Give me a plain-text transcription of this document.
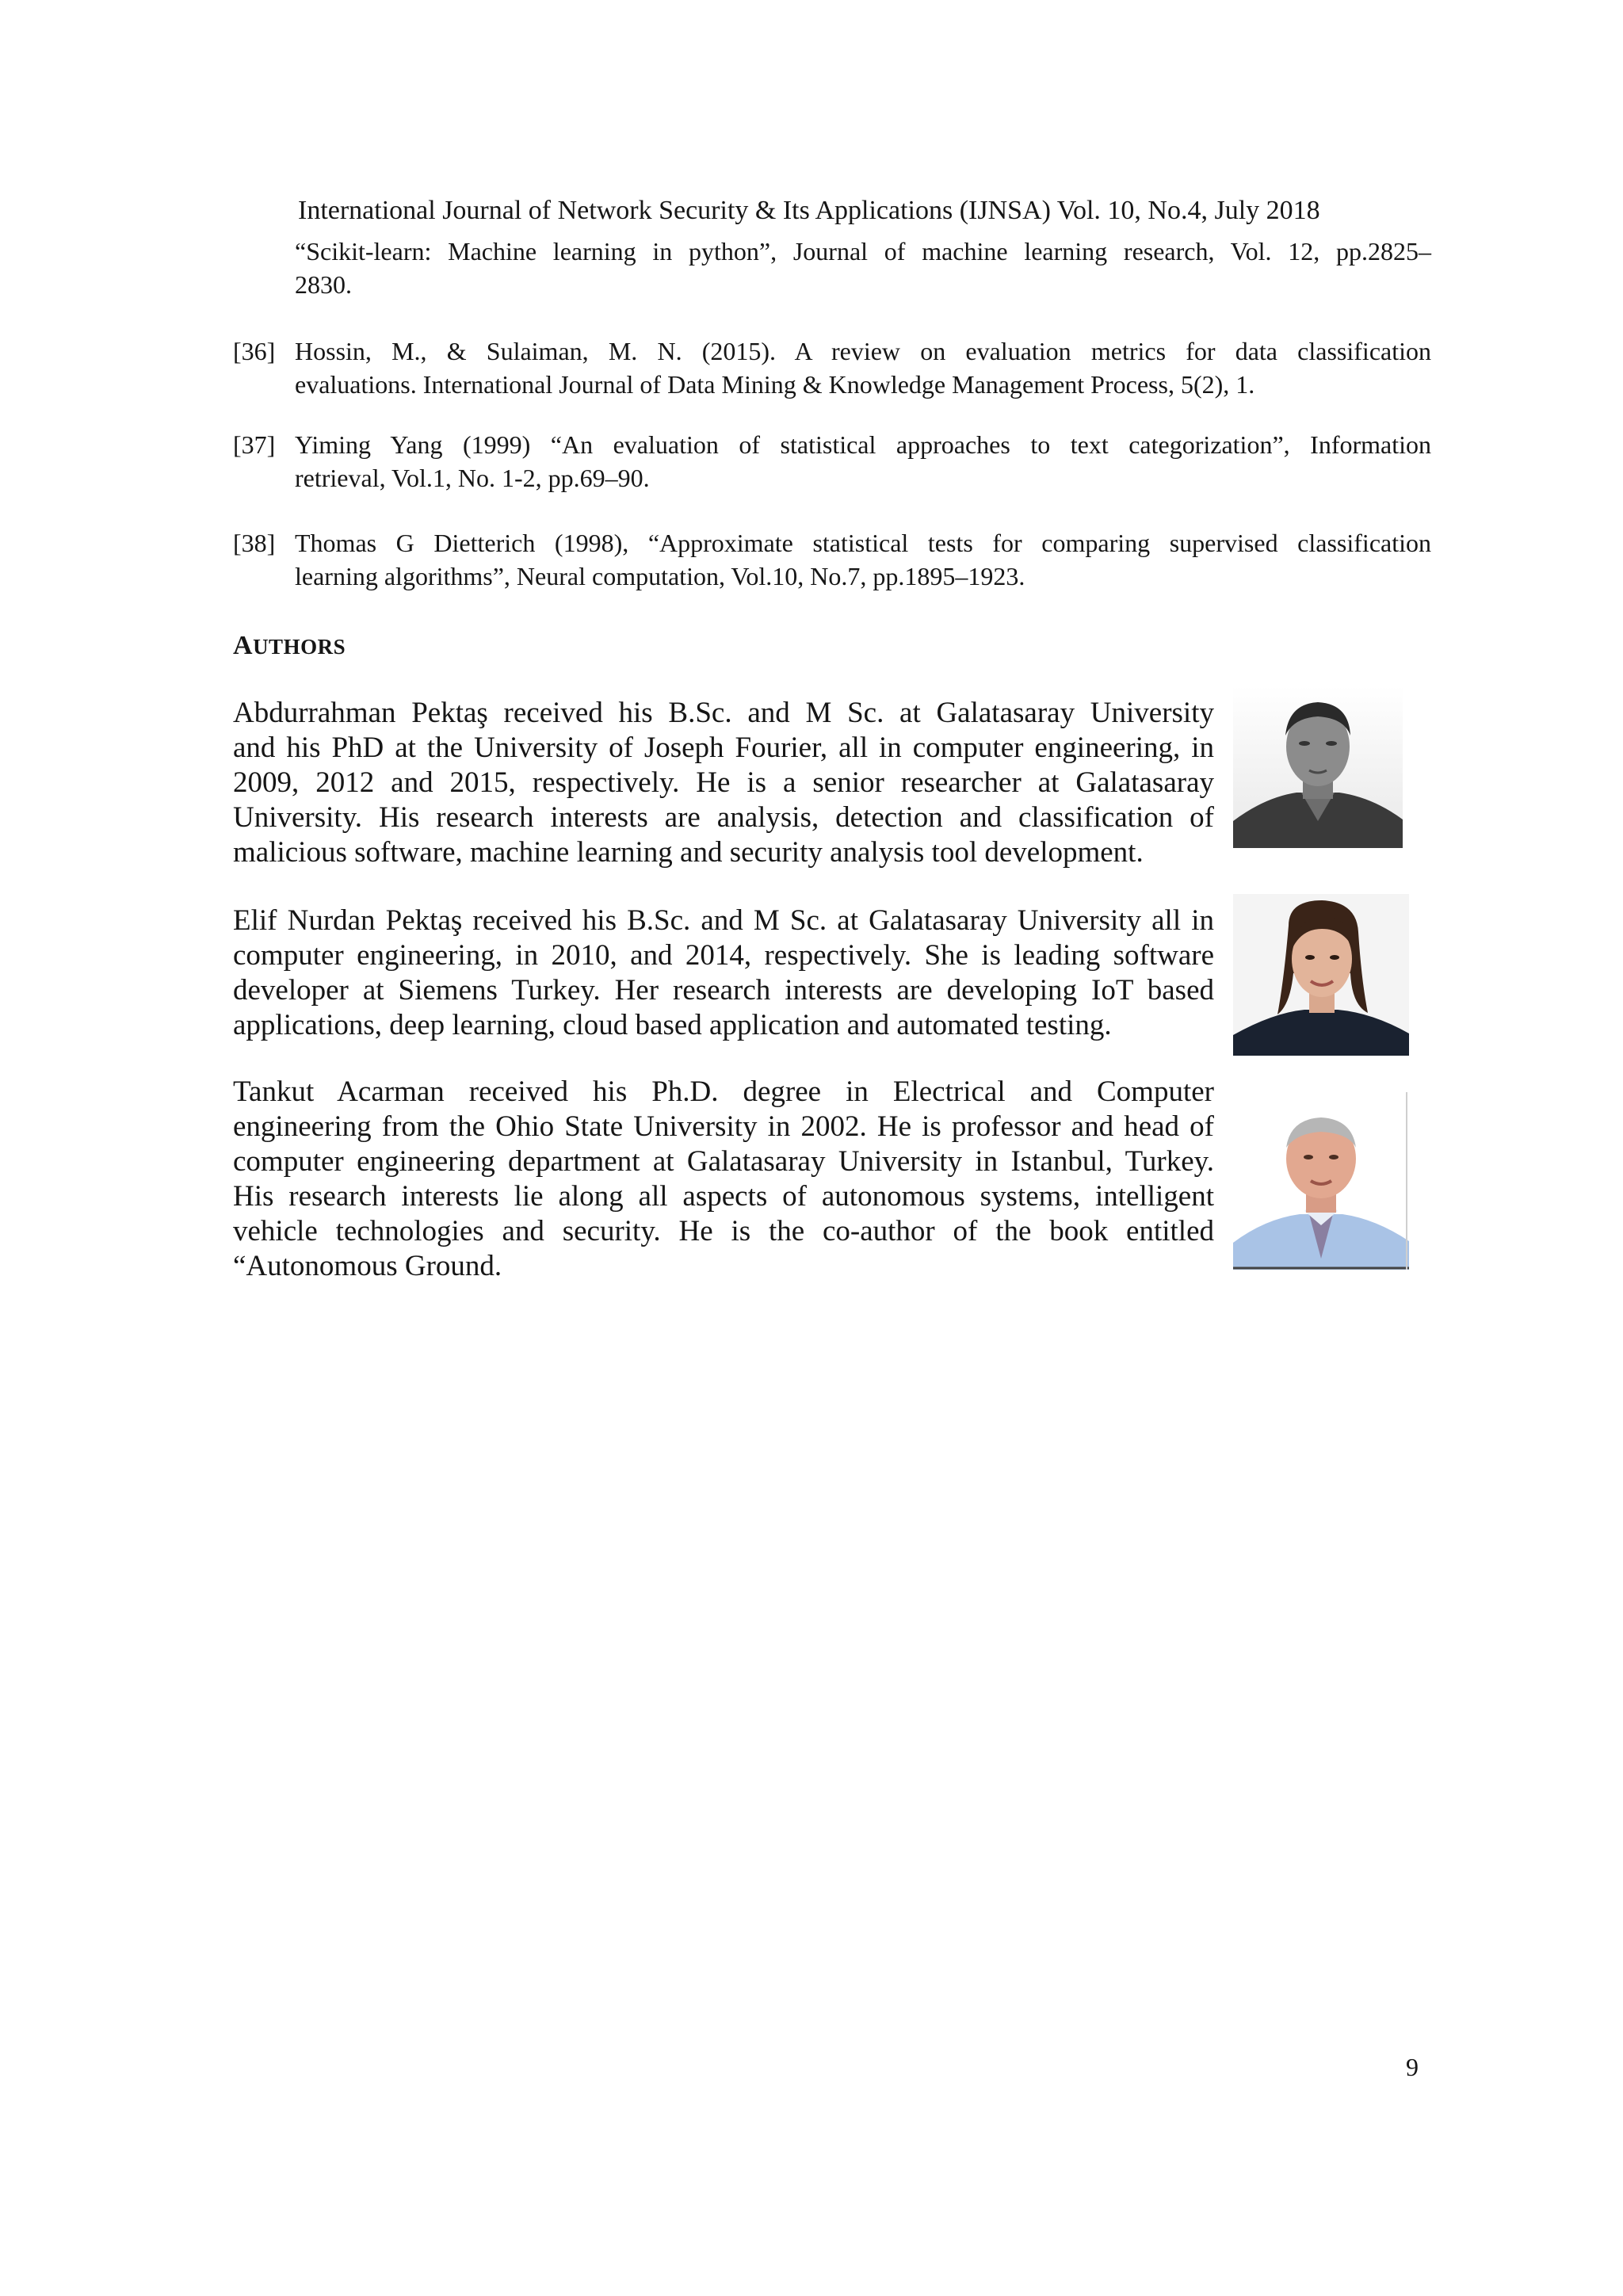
International Journal of Network Security & Its Applications (IJNSA) Vol. 10, No.4, July 2018
“Scikit-learn: Machine learning in python”, Journal of machine learning research, Vol. 12, pp.2825–
2830.
[36] Hossin, M., & Sulaiman, M. N. (2015). A review on evaluation metrics for data classification
evaluations. International Journal of Data Mining & Knowledge Management Process, 5(2), 1.
[37] Yiming Yang (1999) “An evaluation of statistical approaches to text categorization”, Information
retrieval, Vol.1, No. 1-2, pp.69–90.
[38] Thomas G Dietterich (1998), “Approximate statistical tests for comparing supervised classification
learning algorithms”, Neural computation, Vol.10, No.7, pp.1895–1923.
AUTHORS
Abdurrahman Pektaş received his B.Sc. and M Sc. at Galatasaray University
and his PhD at the University of Joseph Fourier, all in computer engineering, in
2009, 2012 and 2015, respectively. He is a senior researcher at Galatasaray
University. His research interests are analysis, detection and classification of
malicious software, machine learning and security analysis tool development.
Elif Nurdan Pektaş received his B.Sc. and M Sc. at Galatasaray University all in
computer engineering, in 2010, and 2014, respectively. She is leading software
developer at Siemens Turkey. Her research interests are developing IoT based
applications, deep learning, cloud based application and automated testing.
Tankut Acarman received his Ph.D. degree in Electrical and Computer
engineering from the Ohio State University in 2002. He is professor and head of
computer engineering department at Galatasaray University in Istanbul, Turkey.
His research interests lie along all aspects of autonomous systems, intelligent
vehicle technologies and security. He is the co-author of the book entitled
“Autonomous Ground.
9
